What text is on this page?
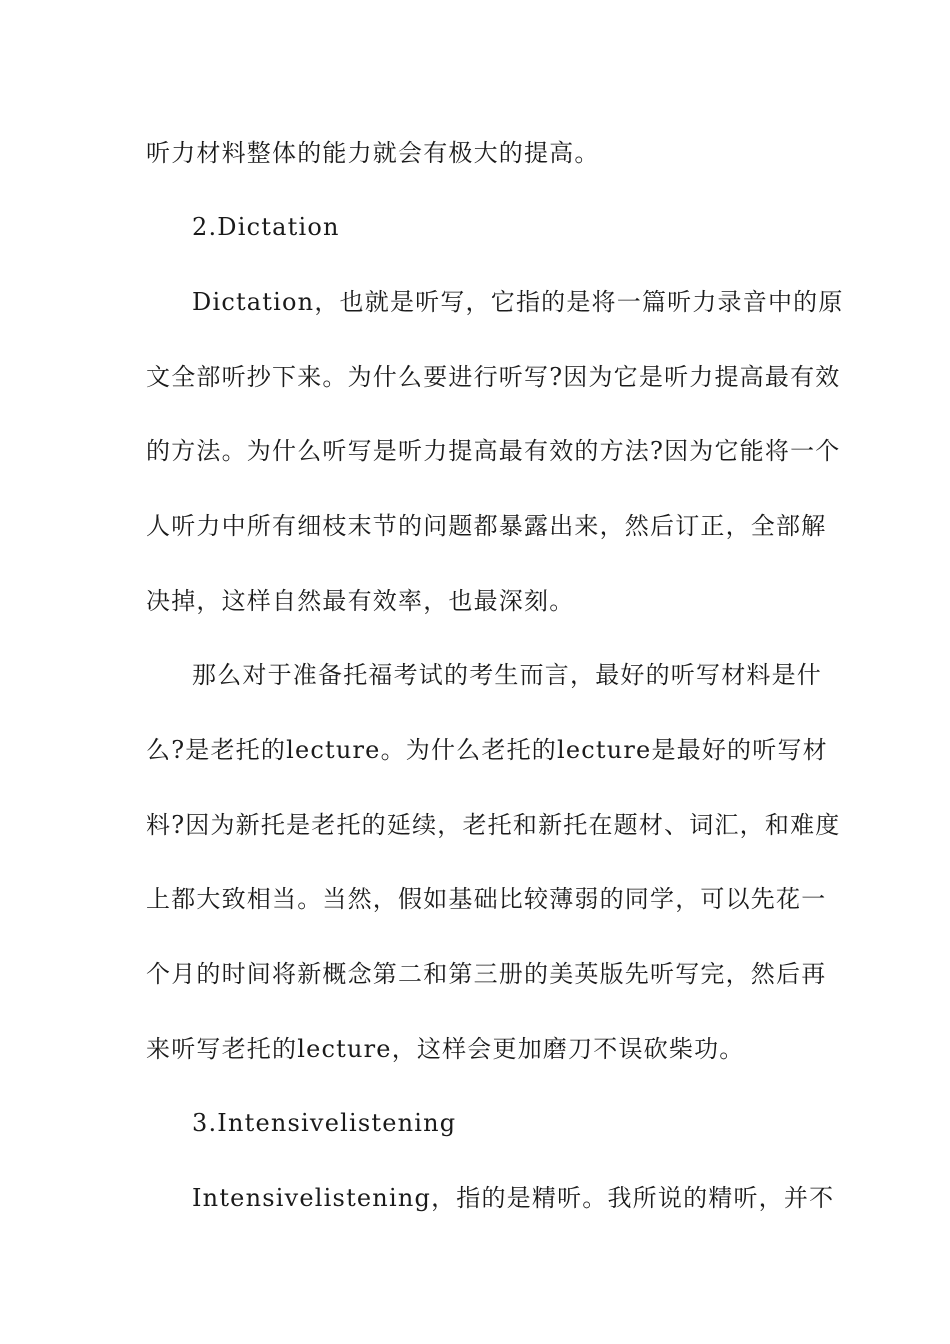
听力材料整体的能力就会有极大的提高。
2.Dictation
Dictation，也就是听写，它指的是将一篇听力录音中的原
文全部听抄下来。为什么要进行听写?因为它是听力提高最有效
的方法。为什么听写是听力提高最有效的方法?因为它能将一个
人听力中所有细枝末节的问题都暴露出来，然后订正，全部解
决掉，这样自然最有效率，也最深刻。
那么对于准备托福考试的考生而言，最好的听写材料是什
么?是老托的lecture。为什么老托的lecture是最好的听写材
料?因为新托是老托的延续，老托和新托在题材、词汇，和难度
上都大致相当。当然，假如基础比较薄弱的同学，可以先花一
个月的时间将新概念第二和第三册的美英版先听写完，然后再
来听写老托的lecture，这样会更加磨刀不误砍柴功。
3.Intensivelistening
Intensivelistening，指的是精听。我所说的精听，并不
